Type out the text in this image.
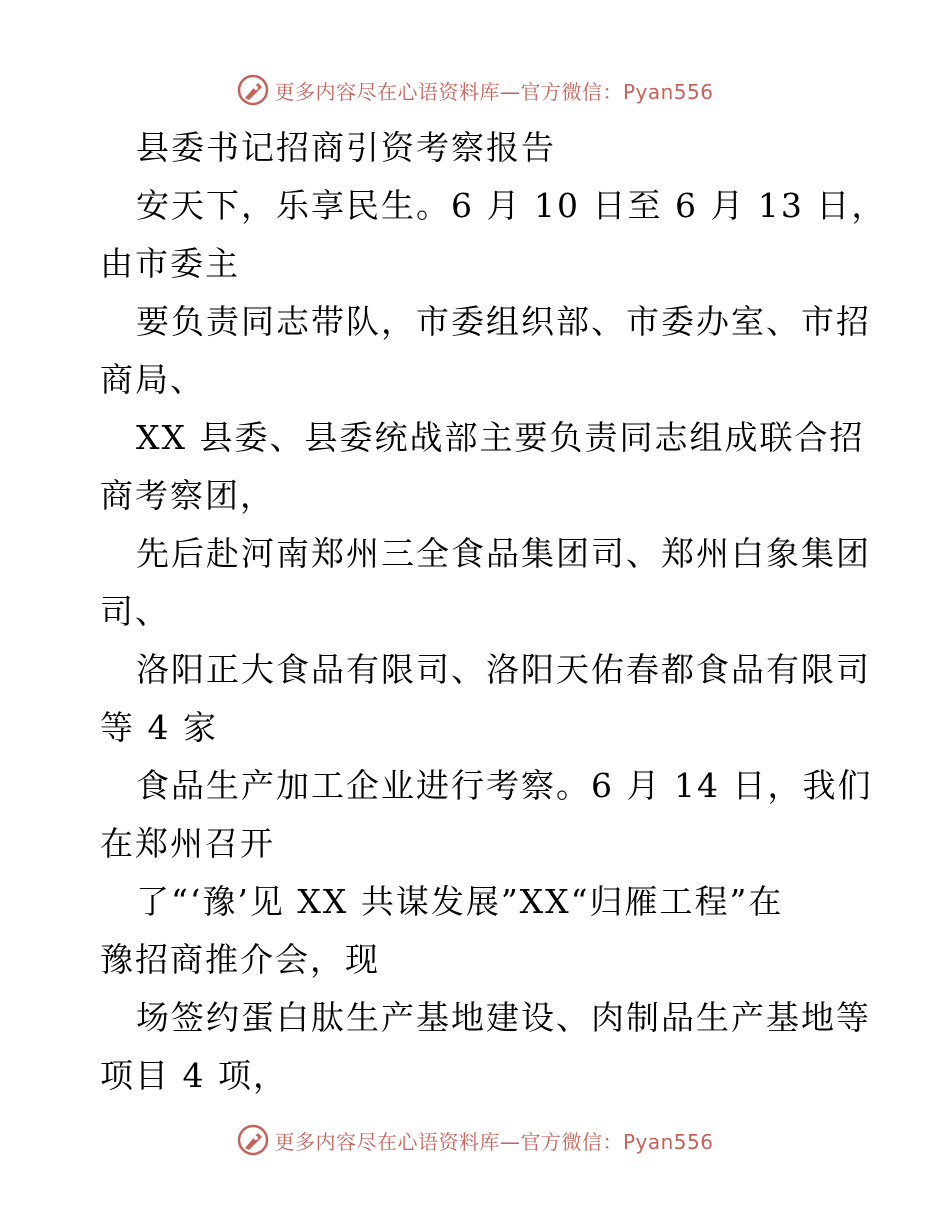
更多内容尽在心语资料库—官方微信：Pyan556
县委书记招商引资考察报告
安天下，乐享民生。6 月 10 日至 6 月 13 日，
由市委主
要负责同志带队，市委组织部、市委办室、市招
商局、
XX 县委、县委统战部主要负责同志组成联合招
商考察团，
先后赴河南郑州三全食品集团司、郑州白象集团
司、
洛阳正大食品有限司、洛阳天佑春都食品有限司
等 4 家
食品生产加工企业进行考察。6 月 14 日，我们
在郑州召开
了“‘豫’见 XX 共谋发展”XX“归雁工程”在
豫招商推介会，现
场签约蛋白肽生产基地建设、肉制品生产基地等
项目 4 项，
更多内容尽在心语资料库—官方微信：Pyan556
